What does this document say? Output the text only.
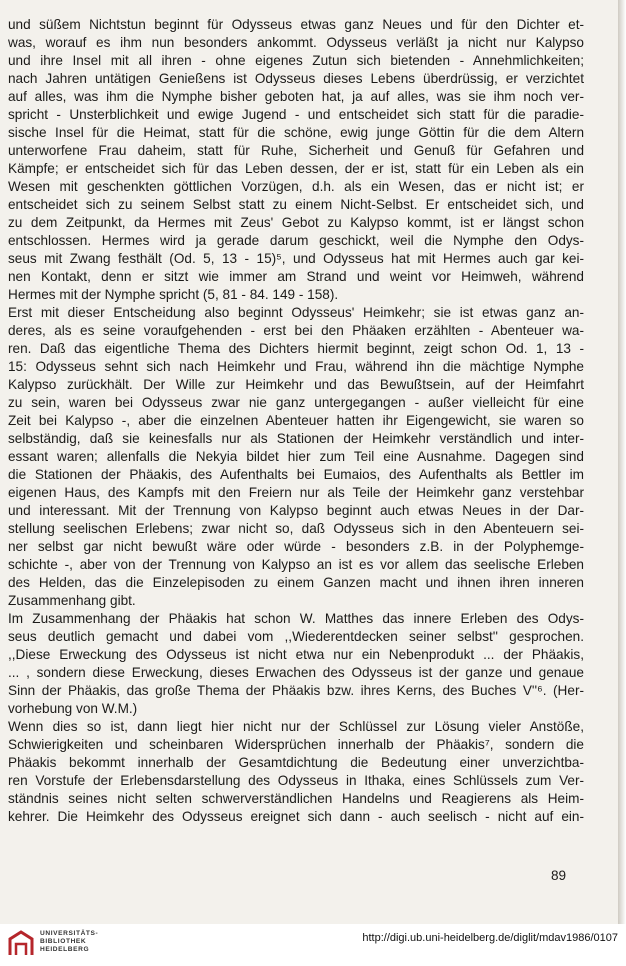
und süßem Nichtstun beginnt für Odysseus etwas ganz Neues und für den Dichter et-
was, worauf es ihm nun besonders ankommt. Odysseus verläßt ja nicht nur Kalypso
und ihre Insel mit all ihren - ohne eigenes Zutun sich bietenden - Annehmlichkeiten;
nach Jahren untätigen Genießens ist Odysseus dieses Lebens überdrüssig, er verzichtet
auf alles, was ihm die Nymphe bisher geboten hat, ja auf alles, was sie ihm noch ver-
spricht - Unsterblichkeit und ewige Jugend - und entscheidet sich statt für die paradie-
sische Insel für die Heimat, statt für die schöne, ewig junge Göttin für die dem Altern
unterworfene Frau daheim, statt für Ruhe, Sicherheit und Genuß für Gefahren und
Kämpfe; er entscheidet sich für das Leben dessen, der er ist, statt für ein Leben als ein
Wesen mit geschenkten göttlichen Vorzügen, d.h. als ein Wesen, das er nicht ist; er
entscheidet sich zu seinem Selbst statt zu einem Nicht-Selbst. Er entscheidet sich, und
zu dem Zeitpunkt, da Hermes mit Zeus' Gebot zu Kalypso kommt, ist er längst schon
entschlossen. Hermes wird ja gerade darum geschickt, weil die Nymphe den Odys-
seus mit Zwang festhält (Od. 5, 13 - 15)⁵, und Odysseus hat mit Hermes auch gar kei-
nen Kontakt, denn er sitzt wie immer am Strand und weint vor Heimweh, während
Hermes mit der Nymphe spricht (5, 81 - 84. 149 - 158).
Erst mit dieser Entscheidung also beginnt Odysseus' Heimkehr; sie ist etwas ganz an-
deres, als es seine voraufgehenden - erst bei den Phäaken erzählten - Abenteuer wa-
ren. Daß das eigentliche Thema des Dichters hiermit beginnt, zeigt schon Od. 1, 13 -
15: Odysseus sehnt sich nach Heimkehr und Frau, während ihn die mächtige Nymphe
Kalypso zurückhält. Der Wille zur Heimkehr und das Bewußtsein, auf der Heimfahrt
zu sein, waren bei Odysseus zwar nie ganz untergegangen - außer vielleicht für eine
Zeit bei Kalypso -, aber die einzelnen Abenteuer hatten ihr Eigengewicht, sie waren so
selbständig, daß sie keinesfalls nur als Stationen der Heimkehr verständlich und inter-
essant waren; allenfalls die Nekyia bildet hier zum Teil eine Ausnahme. Dagegen sind
die Stationen der Phäakis, des Aufenthalts bei Eumaios, des Aufenthalts als Bettler im
eigenen Haus, des Kampfs mit den Freiern nur als Teile der Heimkehr ganz verstehbar
und interessant. Mit der Trennung von Kalypso beginnt auch etwas Neues in der Dar-
stellung seelischen Erlebens; zwar nicht so, daß Odysseus sich in den Abenteuern sei-
ner selbst gar nicht bewußt wäre oder würde - besonders z.B. in der Polyphemge-
schichte -, aber von der Trennung von Kalypso an ist es vor allem das seelische Erleben
des Helden, das die Einzelepisoden zu einem Ganzen macht und ihnen ihren inneren
Zusammenhang gibt.
Im Zusammenhang der Phäakis hat schon W. Matthes das innere Erleben des Odys-
seus deutlich gemacht und dabei vom ,,Wiederentdecken seiner selbst'' gesprochen.
,,Diese Erweckung des Odysseus ist nicht etwa nur ein Nebenprodukt ... der Phäakis,
... , sondern diese Erweckung, dieses Erwachen des Odysseus ist der ganze und genaue
Sinn der Phäakis, das große Thema der Phäakis bzw. ihres Kerns, des Buches V''⁶. (Her-
vorhebung von W.M.)
Wenn dies so ist, dann liegt hier nicht nur der Schlüssel zur Lösung vieler Anstöße,
Schwierigkeiten und scheinbaren Widersprüchen innerhalb der Phäakis⁷, sondern die
Phäakis bekommt innerhalb der Gesamtdichtung die Bedeutung einer unverzichtba-
ren Vorstufe der Erlebensdarstellung des Odysseus in Ithaka, eines Schlüssels zum Ver-
ständnis seines nicht selten schwerverständlichen Handelns und Reagierens als Heim-
kehrer. Die Heimkehr des Odysseus ereignet sich dann - auch seelisch - nicht auf ein-
89
UNIVERSITÄTS-
BIBLIOTHEK
HEIDELBERG
http://digi.ub.uni-heidelberg.de/diglit/mdav1986/0107
